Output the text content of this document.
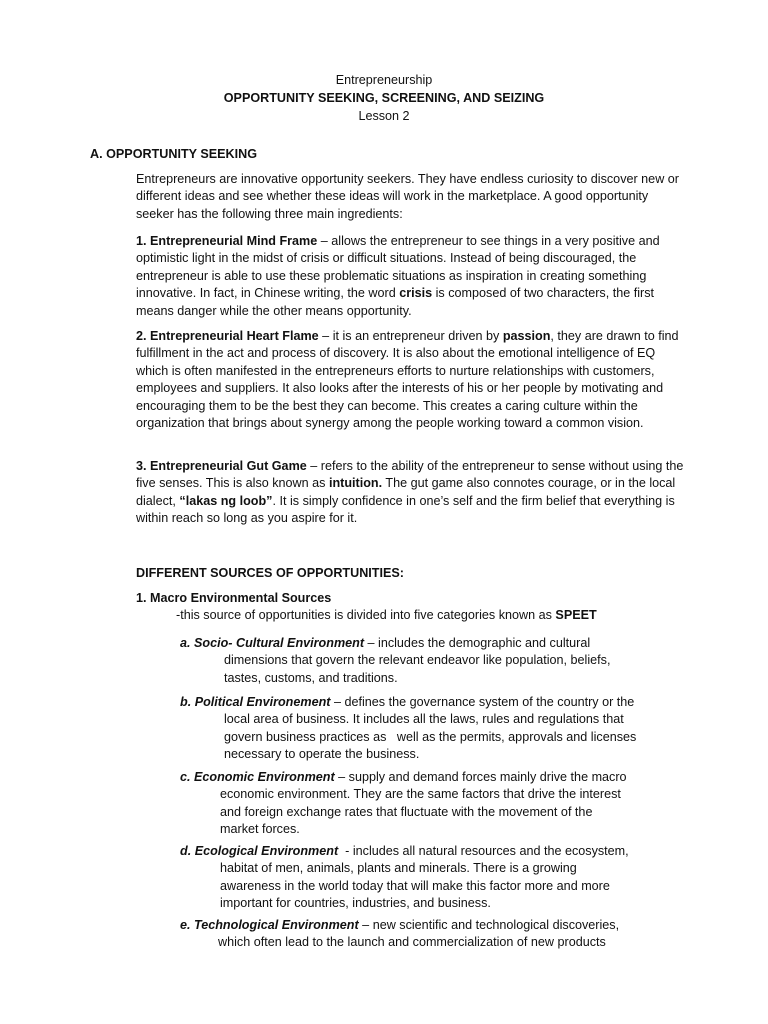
Entrepreneurship
OPPORTUNITY SEEKING, SCREENING, AND SEIZING
Lesson 2
A. OPPORTUNITY SEEKING

Entrepreneurs are innovative opportunity seekers. They have endless curiosity to discover new or different ideas and see whether these ideas will work in the marketplace. A good opportunity seeker has the following three main ingredients:

1. Entrepreneurial Mind Frame – allows the entrepreneur to see things in a very positive and optimistic light in the midst of crisis or difficult situations. Instead of being discouraged, the entrepreneur is able to use these problematic situations as inspiration in creating something innovative. In fact, in Chinese writing, the word crisis is composed of two characters, the first means danger while the other means opportunity.

2. Entrepreneurial Heart Flame – it is an entrepreneur driven by passion, they are drawn to find fulfillment in the act and process of discovery. It is also about the emotional intelligence of EQ which is often manifested in the entrepreneurs efforts to nurture relationships with customers, employees and suppliers. It also looks after the interests of his or her people by motivating and encouraging them to be the best they can become. This creates a caring culture within the organization that brings about synergy among the people working toward a common vision.

3. Entrepreneurial Gut Game – refers to the ability of the entrepreneur to sense without using the five senses. This is also known as intuition. The gut game also connotes courage, or in the local dialect, “lakas ng loob”. It is simply confidence in one’s self and the firm belief that everything is within reach so long as you aspire for it.

DIFFERENT SOURCES OF OPPORTUNITIES:
1. Macro Environmental Sources
-this source of opportunities is divided into five categories known as SPEET
a. Socio- Cultural Environment – includes the demographic and cultural
dimensions that govern the relevant endeavor like population, beliefs,
tastes, customs, and traditions.
b. Political Environement – defines the governance system of the country or the
local area of business. It includes all the laws, rules and regulations that
govern business practices as   well as the permits, approvals and licenses
necessary to operate the business.
c. Economic Environment – supply and demand forces mainly drive the macro
economic environment. They are the same factors that drive the interest
and foreign exchange rates that fluctuate with the movement of the
market forces.
d. Ecological Environment  - includes all natural resources and the ecosystem,
habitat of men, animals, plants and minerals. There is a growing
awareness in the world today that will make this factor more and more
important for countries, industries, and business.
e. Technological Environment – new scientific and technological discoveries,
which often lead to the launch and commercialization of new products
